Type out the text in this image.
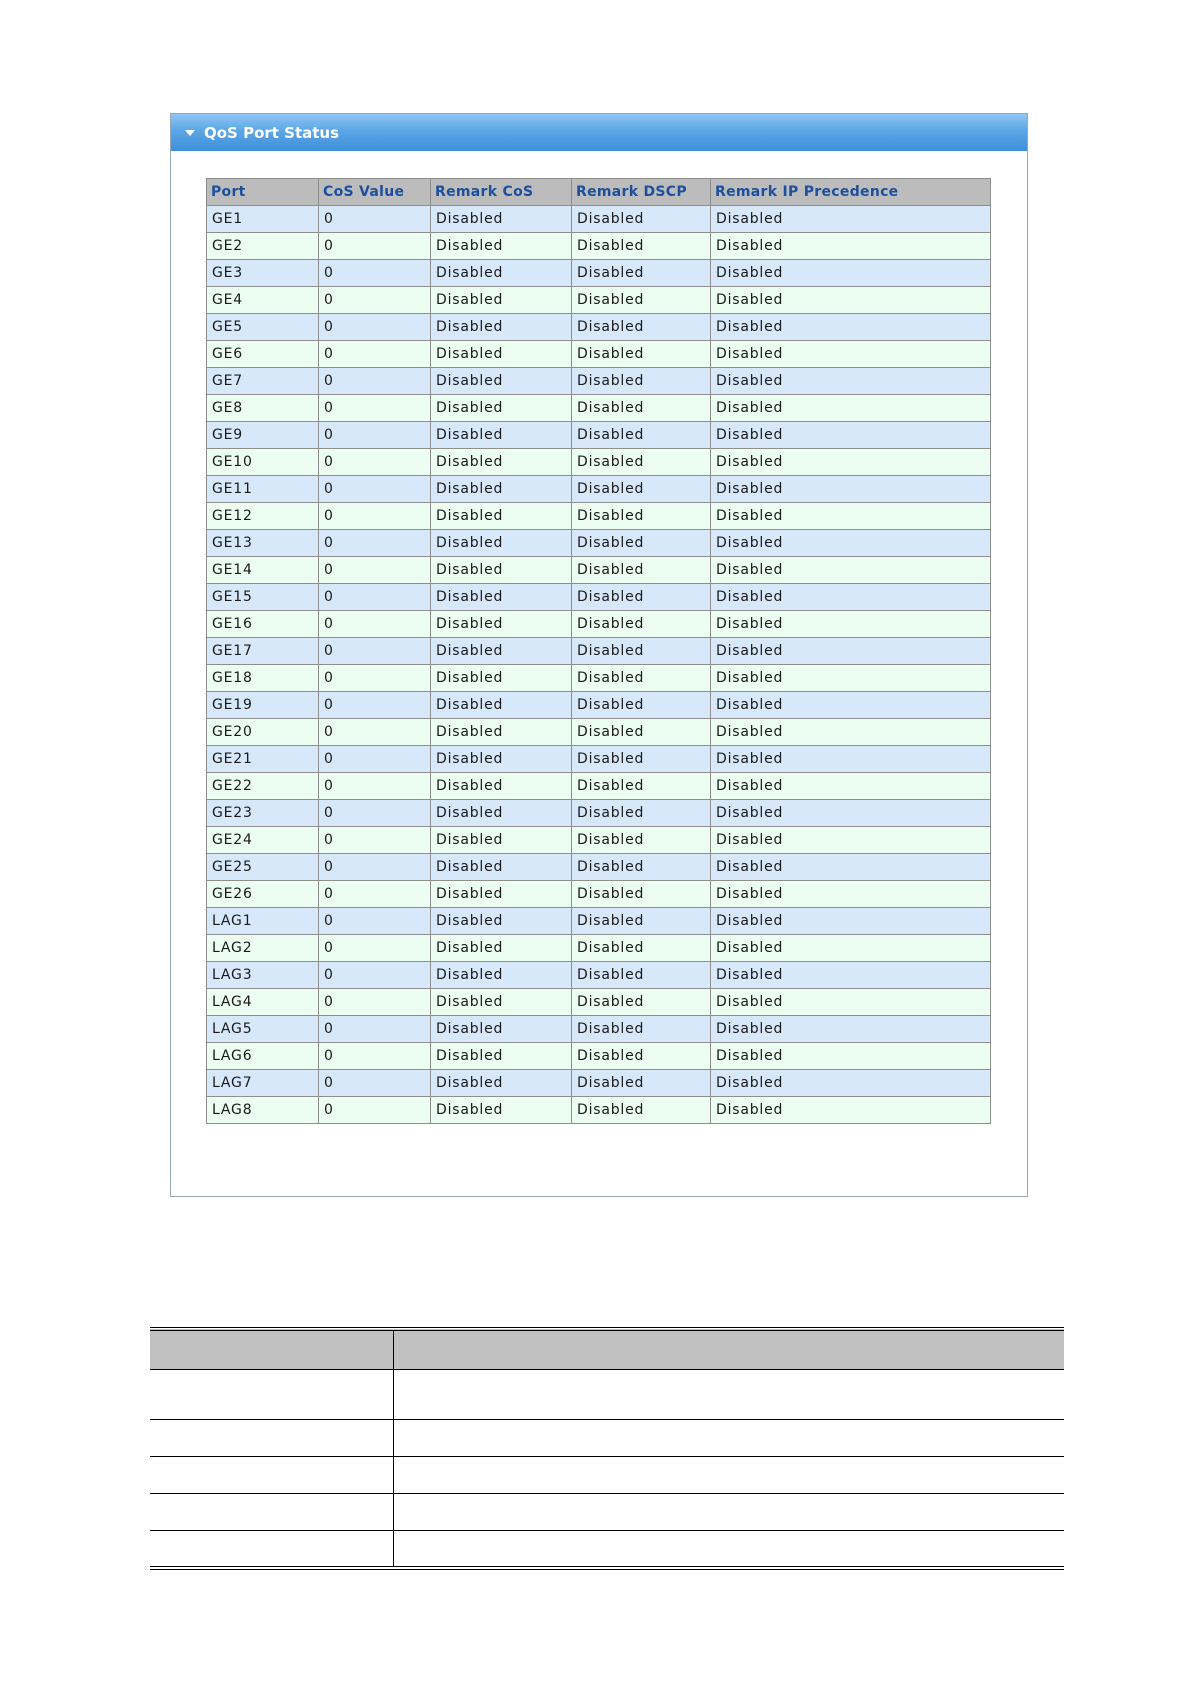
QoS Port Status
Port	CoS Value	Remark CoS	Remark DSCP	Remark IP Precedence
GE1	0	Disabled	Disabled	Disabled
GE2	0	Disabled	Disabled	Disabled
GE3	0	Disabled	Disabled	Disabled
GE4	0	Disabled	Disabled	Disabled
GE5	0	Disabled	Disabled	Disabled
GE6	0	Disabled	Disabled	Disabled
GE7	0	Disabled	Disabled	Disabled
GE8	0	Disabled	Disabled	Disabled
GE9	0	Disabled	Disabled	Disabled
GE10	0	Disabled	Disabled	Disabled
GE11	0	Disabled	Disabled	Disabled
GE12	0	Disabled	Disabled	Disabled
GE13	0	Disabled	Disabled	Disabled
GE14	0	Disabled	Disabled	Disabled
GE15	0	Disabled	Disabled	Disabled
GE16	0	Disabled	Disabled	Disabled
GE17	0	Disabled	Disabled	Disabled
GE18	0	Disabled	Disabled	Disabled
GE19	0	Disabled	Disabled	Disabled
GE20	0	Disabled	Disabled	Disabled
GE21	0	Disabled	Disabled	Disabled
GE22	0	Disabled	Disabled	Disabled
GE23	0	Disabled	Disabled	Disabled
GE24	0	Disabled	Disabled	Disabled
GE25	0	Disabled	Disabled	Disabled
GE26	0	Disabled	Disabled	Disabled
LAG1	0	Disabled	Disabled	Disabled
LAG2	0	Disabled	Disabled	Disabled
LAG3	0	Disabled	Disabled	Disabled
LAG4	0	Disabled	Disabled	Disabled
LAG5	0	Disabled	Disabled	Disabled
LAG6	0	Disabled	Disabled	Disabled
LAG7	0	Disabled	Disabled	Disabled
LAG8	0	Disabled	Disabled	Disabled
